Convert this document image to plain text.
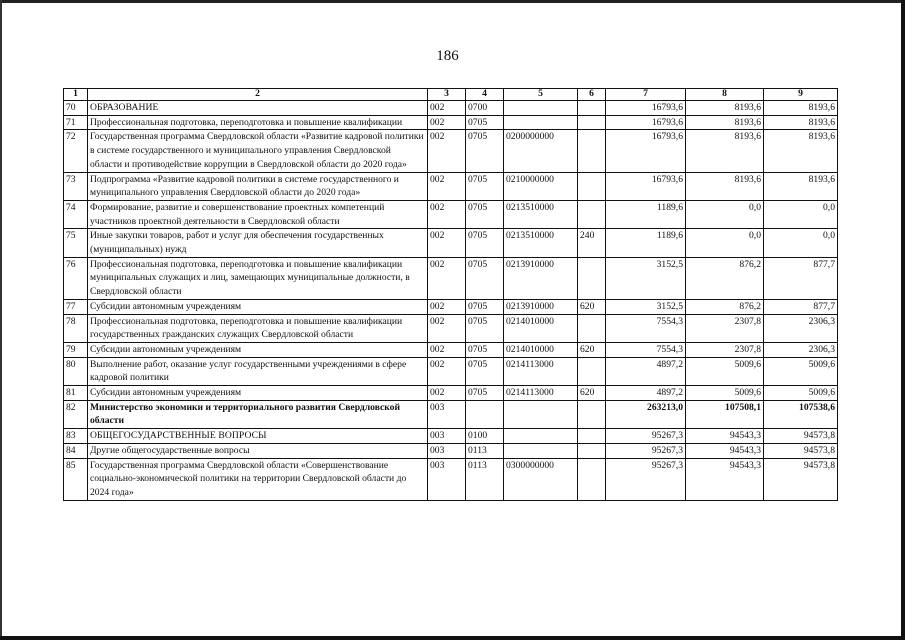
186
1	2	3	4	5	6	7	8	9
70	ОБРАЗОВАНИЕ	002	0700			16793,6	8193,6	8193,6
71	Профессиональная подготовка, переподготовка и повышение квалификации	002	0705			16793,6	8193,6	8193,6
72	Государственная программа Свердловской области «Развитие кадровой политики в системе государственного и муниципального управления Свердловской области и противодействие коррупции в Свердловской области до 2020 года»	002	0705	0200000000		16793,6	8193,6	8193,6
73	Подпрограмма «Развитие кадровой политики в системе государственного и муниципального управления Свердловской области до 2020 года»	002	0705	0210000000		16793,6	8193,6	8193,6
74	Формирование, развитие и совершенствование проектных компетенций участников проектной деятельности в Свердловской области	002	0705	0213510000		1189,6	0,0	0,0
75	Иные закупки товаров, работ и услуг для обеспечения государственных (муниципальных) нужд	002	0705	0213510000	240	1189,6	0,0	0,0
76	Профессиональная подготовка, переподготовка и повышение квалификации муниципальных служащих и лиц, замещающих муниципальные должности, в Свердловской области	002	0705	0213910000		3152,5	876,2	877,7
77	Субсидии автономным учреждениям	002	0705	0213910000	620	3152,5	876,2	877,7
78	Профессиональная подготовка, переподготовка и повышение квалификации государственных гражданских служащих Свердловской области	002	0705	0214010000		7554,3	2307,8	2306,3
79	Субсидии автономным учреждениям	002	0705	0214010000	620	7554,3	2307,8	2306,3
80	Выполнение работ, оказание услуг государственными учреждениями в сфере кадровой политики	002	0705	0214113000		4897,2	5009,6	5009,6
81	Субсидии автономным учреждениям	002	0705	0214113000	620	4897,2	5009,6	5009,6
82	Министерство экономики и территориального развития Свердловской области	003				263213,0	107508,1	107538,6
83	ОБЩЕГОСУДАРСТВЕННЫЕ ВОПРОСЫ	003	0100			95267,3	94543,3	94573,8
84	Другие общегосударственные вопросы	003	0113			95267,3	94543,3	94573,8
85	Государственная программа Свердловской области «Совершенствование социально-экономической политики на территории Свердловской области до 2024 года»	003	0113	0300000000		95267,3	94543,3	94573,8
